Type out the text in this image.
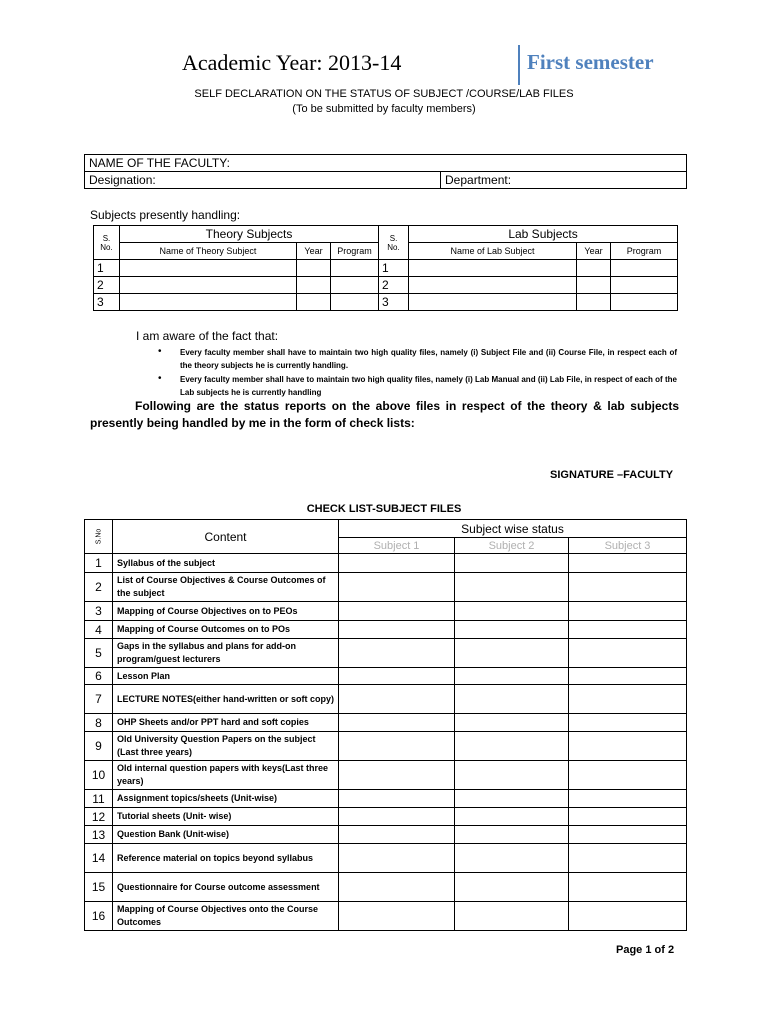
Academic Year: 2013-14	First semester
SELF DECLARATION ON THE STATUS OF SUBJECT /COURSE/LAB FILES
(To be submitted by faculty members)
NAME OF THE FACULTY:
Designation:	Department:
Subjects presently handling:
S.
No.	Theory Subjects			S.
No.	Lab Subjects		
	Name of Theory Subject	Year	Program		Name of Lab Subject	Year	Program
1				1			
2				2			
3				3			
I am aware of the fact that:
• Every faculty member shall have to maintain two high quality files, namely (i) Subject File and (ii) Course File, in respect each of the theory subjects he is currently handling.
• Every faculty member shall have to maintain two high quality files, namely (i) Lab Manual and (ii) Lab File, in respect of each of the Lab subjects he is currently handling
Following are the status reports on the above files in respect of the theory & lab subjects presently being handled by me in the form of check lists:
SIGNATURE –FACULTY
CHECK LIST-SUBJECT FILES
S.No	Content	Subject wise status		
		Subject 1	Subject 2	Subject 3
1	Syllabus of the subject			
2	List of Course Objectives & Course Outcomes of the subject			
3	Mapping of Course Objectives on to PEOs			
4	Mapping of Course Outcomes on to POs			
5	Gaps in the syllabus and plans for add-on program/guest lecturers			
6	Lesson Plan			
7	LECTURE NOTES(either hand-written or soft copy)			
8	OHP Sheets and/or PPT hard and soft copies			
9	Old University Question Papers on the subject (Last three years)			
10	Old internal question papers with keys(Last three years)			
11	Assignment topics/sheets (Unit-wise)			
12	Tutorial sheets (Unit- wise)			
13	Question Bank (Unit-wise)			
14	Reference material on topics beyond syllabus			
15	Questionnaire for Course outcome assessment			
16	Mapping of Course Objectives onto the Course Outcomes			
Page 1 of 2
